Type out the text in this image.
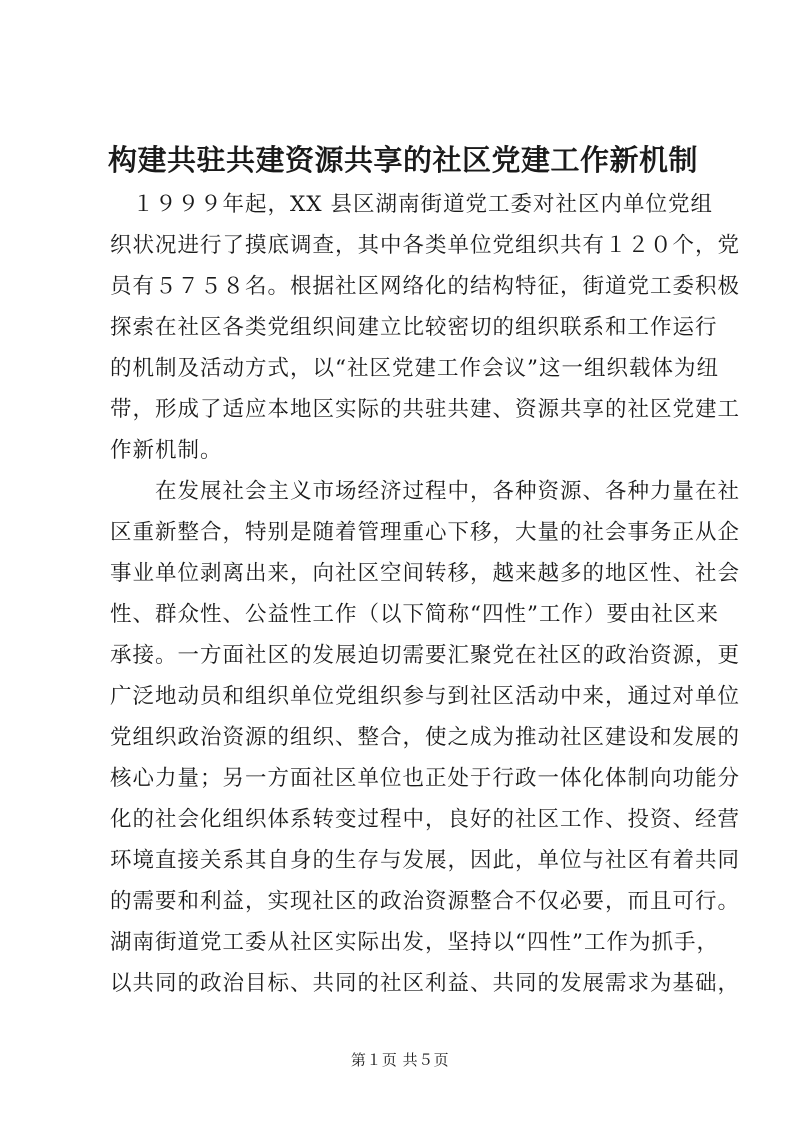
构建共驻共建资源共享的社区党建工作新机制
　１９９９年起，XX 县区湖南街道党工委对社区内单位党组
织状况进行了摸底调查，其中各类单位党组织共有１２０个，党
员有５７５８名。根据社区网络化的结构特征，街道党工委积极
探索在社区各类党组织间建立比较密切的组织联系和工作运行
的机制及活动方式，以“社区党建工作会议”这一组织载体为纽
带，形成了适应本地区实际的共驻共建、资源共享的社区党建工
作新机制。
　　在发展社会主义市场经济过程中，各种资源、各种力量在社
区重新整合，特别是随着管理重心下移，大量的社会事务正从企
事业单位剥离出来，向社区空间转移，越来越多的地区性、社会
性、群众性、公益性工作（以下简称“四性”工作）要由社区来
承接。一方面社区的发展迫切需要汇聚党在社区的政治资源，更
广泛地动员和组织单位党组织参与到社区活动中来，通过对单位
党组织政治资源的组织、整合，使之成为推动社区建设和发展的
核心力量；另一方面社区单位也正处于行政一体化体制向功能分
化的社会化组织体系转变过程中，良好的社区工作、投资、经营
环境直接关系其自身的生存与发展，因此，单位与社区有着共同
的需要和利益，实现社区的政治资源整合不仅必要，而且可行。
湖南街道党工委从社区实际出发，坚持以“四性”工作为抓手，
以共同的政治目标、共同的社区利益、共同的发展需求为基础，
第１页 共５页
